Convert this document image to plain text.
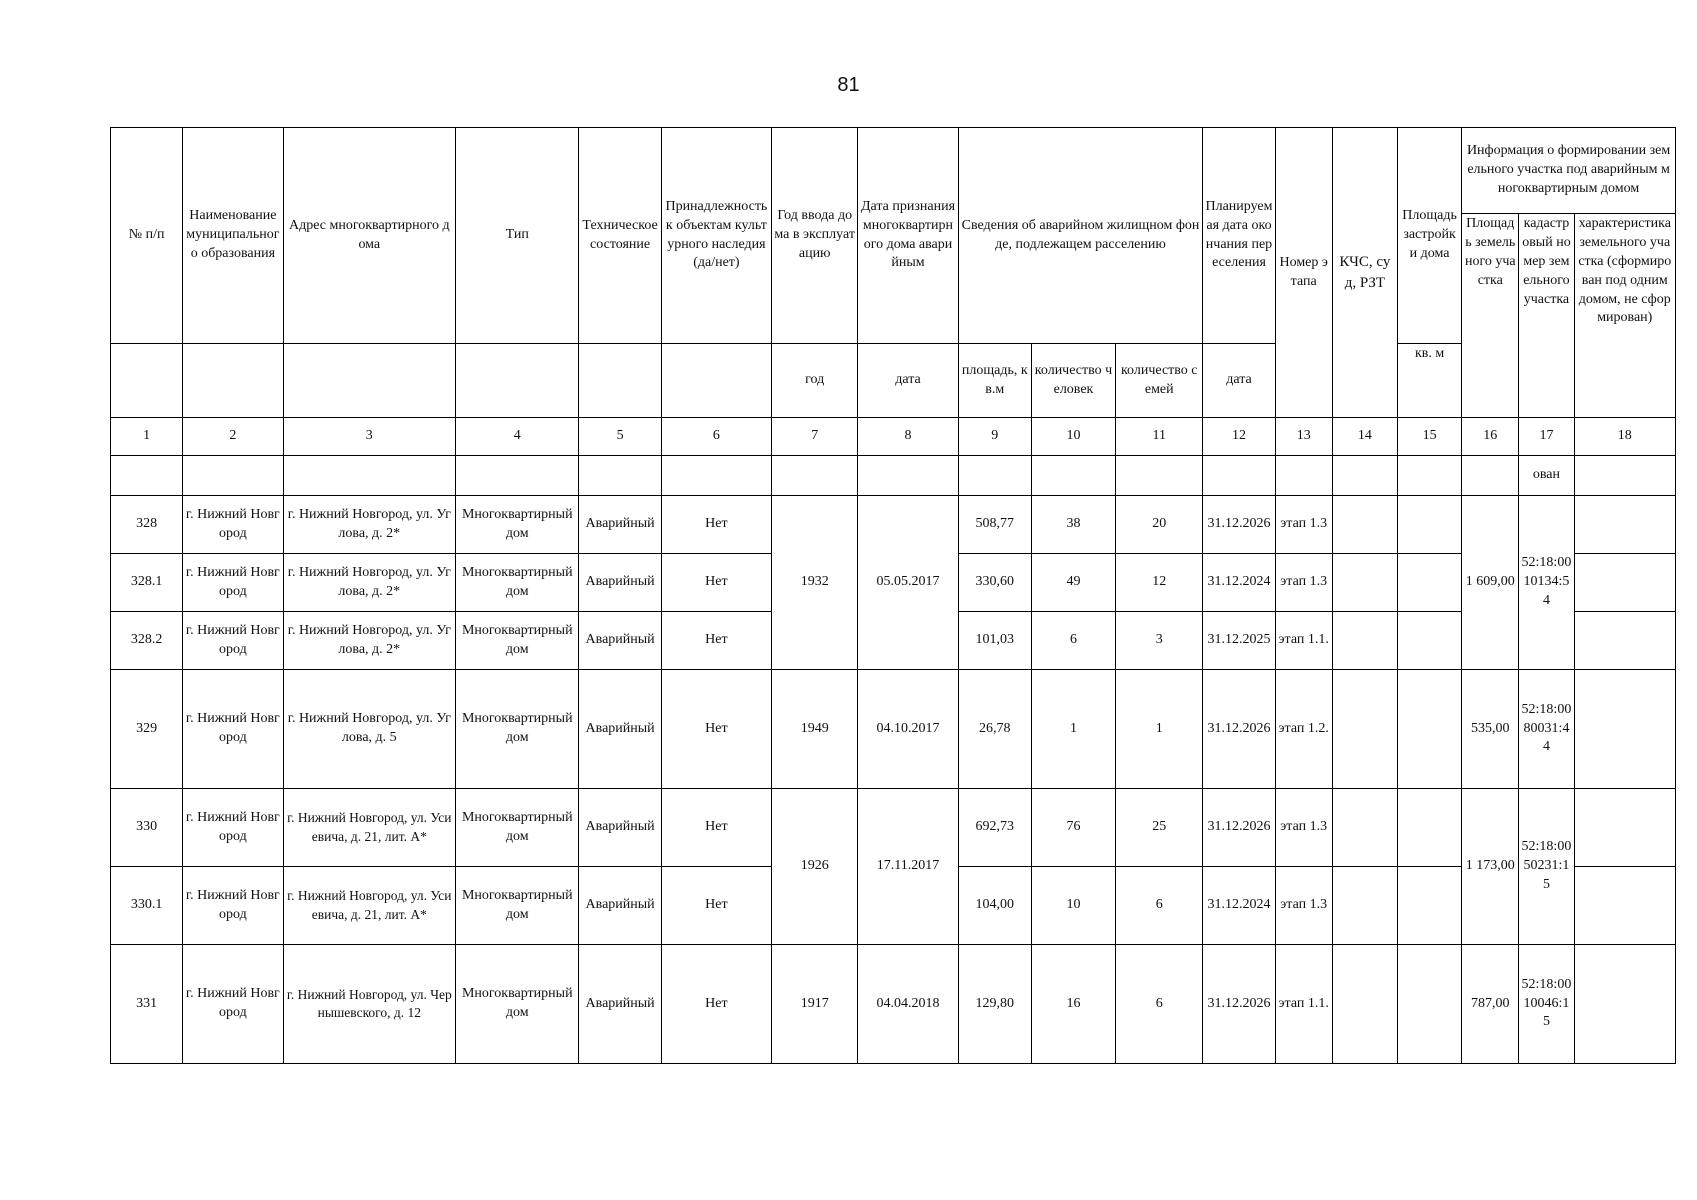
81
№ п/п	Наименование муниципального образования	Адрес многоквартирного дома	Тип	Техническое состояние	Принадлежность к объектам культурного наследия (да/нет)	Год ввода дома в эксплуатацию	Дата признания многоквартирного дома аварийным	Сведения об аварийном жилищном фонде, подлежащем расселению			Планируемая дата окончания переселения	Номер этапа	КЧС, суд, РЗТ	Площадь застройки дома	Информация о формировании земельного участка под аварийным многоквартирным домом		
															Площадь земельного участка	кадастровый номер земельного участка	характеристика земельного участка (сформирован под одним домом, не сформирован)
						год	дата	площадь, кв.м	количество человек	количество семей	дата			кв. м			
1	2	3	4	5	6	7	8	9	10	11	12	13	14	15	16	17	18
																ован	
328	г. Нижний Новгород	г. Нижний Новгород, ул. Углова, д. 2*	Многоквартирный дом	Аварийный	Нет	1932	05.05.2017	508,77	38	20	31.12.2026	этап 1.3			1 609,00	52:18:0010134:54	
328.1	г. Нижний Новгород	г. Нижний Новгород, ул. Углова, д. 2*	Многоквартирный дом	Аварийный	Нет			330,60	49	12	31.12.2024	этап 1.3					
328.2	г. Нижний Новгород	г. Нижний Новгород, ул. Углова, д. 2*	Многоквартирный дом	Аварийный	Нет			101,03	6	3	31.12.2025	этап 1.1.					
329	г. Нижний Новгород	г. Нижний Новгород, ул. Углова, д. 5	Многоквартирный дом	Аварийный	Нет	1949	04.10.2017	26,78	1	1	31.12.2026	этап 1.2.			535,00	52:18:0080031:44	
330	г. Нижний Новгород	г. Нижний Новгород, ул. Усиевича, д. 21, лит. А*	Многоквартирный дом	Аварийный	Нет	1926	17.11.2017	692,73	76	25	31.12.2026	этап 1.3			1 173,00	52:18:0050231:15	
330.1	г. Нижний Новгород	г. Нижний Новгород, ул. Усиевича, д. 21, лит. А*	Многоквартирный дом	Аварийный	Нет			104,00	10	6	31.12.2024	этап 1.3					
331	г. Нижний Новгород	г. Нижний Новгород, ул. Чернышевского, д. 12	Многоквартирный дом	Аварийный	Нет	1917	04.04.2018	129,80	16	6	31.12.2026	этап 1.1.			787,00	52:18:0010046:15	
